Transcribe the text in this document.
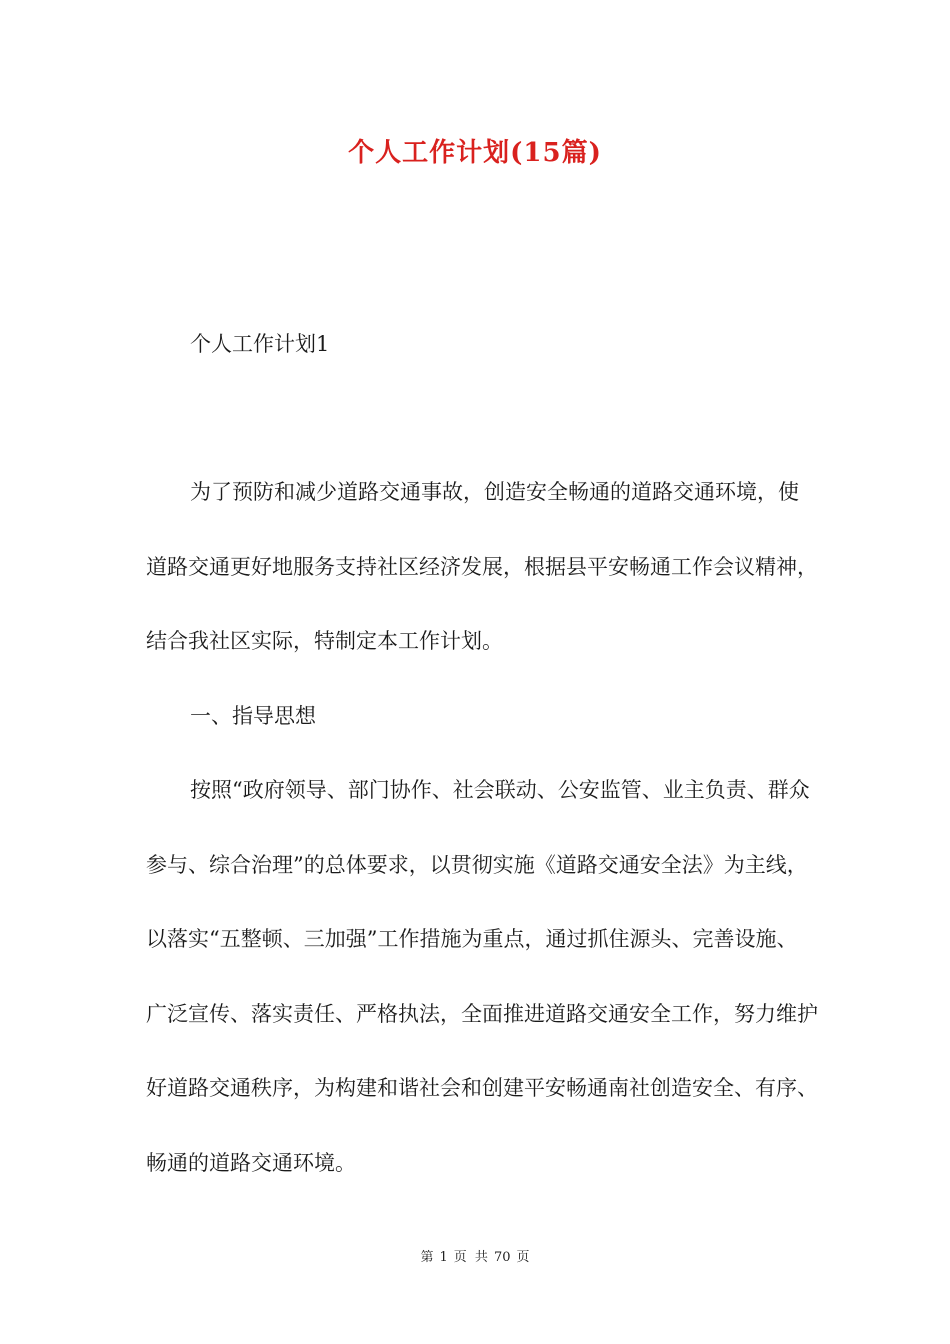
个人工作计划(15篇)
个人工作计划1

为了预防和减少道路交通事故，创造安全畅通的道路交通环境，使道路交通更好地服务支持社区经济发展，根据县平安畅通工作会议精神，结合我社区实际，特制定本工作计划。

一、指导思想

按照“政府领导、部门协作、社会联动、公安监管、业主负责、群众参与、综合治理”的总体要求，以贯彻实施《道路交通安全法》为主线，以落实“五整顿、三加强”工作措施为重点，通过抓住源头、完善设施、广泛宣传、落实责任、严格执法，全面推进道路交通安全工作，努力维护好道路交通秩序，为构建和谐社会和创建平安畅通南社创造安全、有序、畅通的道路交通环境。

第 1 页 共 70 页
